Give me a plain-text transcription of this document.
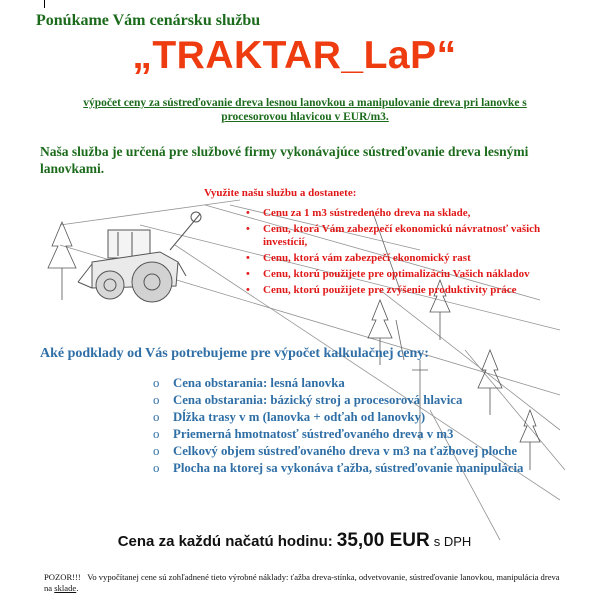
Ponúkame Vám cenársku službu
„TRAKTAR_LaP“
výpočet ceny za sústreďovanie dreva lesnou lanovkou a manipulovanie dreva pri lanovke s procesorovou hlavicou v EUR/m3.
Naša služba je určená pre službové firmy vykonávajúce sústreďovanie dreva lesnými lanovkami.
Využite našu službu a dostanete:
• Cenu za 1 m3 sústredeného dreva na sklade,
• Cenu, ktorá Vám zabezpečí ekonomickú návratnosť vašich investícií,
• Cenu, ktorá vám zabezpečí ekonomický rast
• Cenu, ktorú použijete pre optimalizáciu Vašich nákladov
• Cenu, ktorú použijete pre zvýšenie produktivity práce
Aké podklady od Vás potrebujeme pre výpočet kalkulačnej ceny:
o Cena obstarania: lesná lanovka
o Cena obstarania: bázický stroj a procesorová hlavica
o Dĺžka trasy v m (lanovka + odťah od lanovky)
o Priemerná hmotnatosť sústreďovaného dreva v m3
o Celkový objem sústreďovaného dreva v m3 na ťažbovej ploche
o Plocha na ktorej sa vykonáva ťažba, sústreďovanie manipulácia
Cena za každú načatú hodinu: 35,00 EUR s DPH
POZOR!!! Vo vypočítanej cene sú zohľadnené tieto výrobné náklady: ťažba dreva-stínka, odvetvovanie, sústreďovanie lanovkou, manipulácia dreva na sklade.
